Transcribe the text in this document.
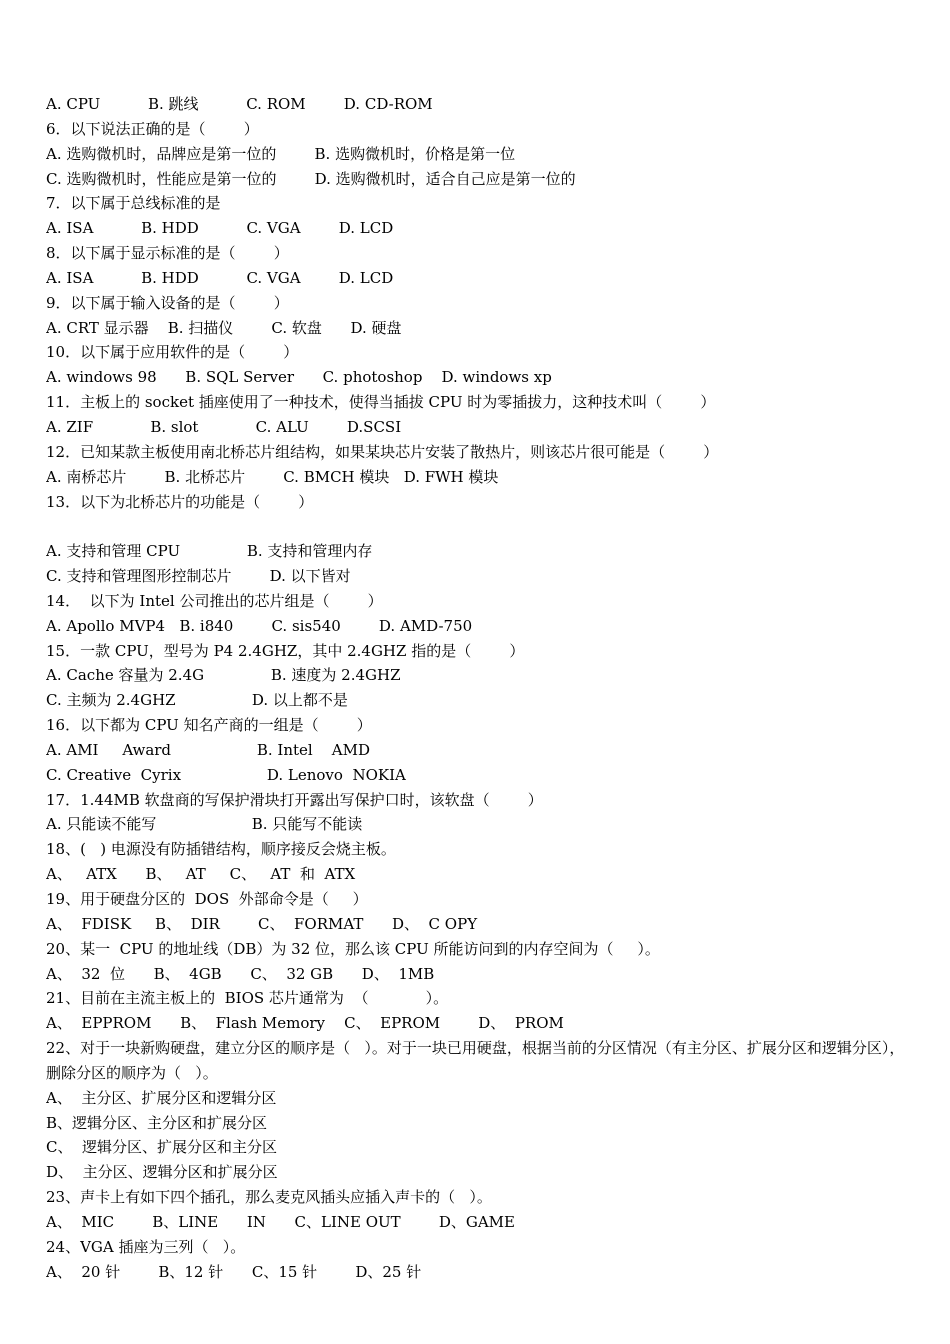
A. CPU          B. 跳线          C. ROM        D. CD-ROM
6．以下说法正确的是（        ）
A. 选购微机时，品牌应是第一位的        B. 选购微机时，价格是第一位
C. 选购微机时，性能应是第一位的        D. 选购微机时，适合自己应是第一位的
7．以下属于总线标准的是
A. ISA          B. HDD          C. VGA        D. LCD
8．以下属于显示标准的是（        ）
A. ISA          B. HDD          C. VGA        D. LCD
9．以下属于输入设备的是（        ）
A. CRT 显示器    B. 扫描仪        C. 软盘      D. 硬盘
10．以下属于应用软件的是（        ）
A. windows 98      B. SQL Server      C. photoshop    D. windows xp
11．主板上的 socket 插座使用了一种技术，使得当插拔 CPU 时为零插拔力，这种技术叫（        ）
A. ZIF            B. slot            C. ALU        D.SCSI
12．已知某款主板使用南北桥芯片组结构，如果某块芯片安装了散热片，则该芯片很可能是（        ）
A. 南桥芯片        B. 北桥芯片        C. BMCH 模块   D. FWH 模块
13．以下为北桥芯片的功能是（        ）
A. 支持和管理 CPU              B. 支持和管理内存
C. 支持和管理图形控制芯片        D. 以下皆对
14．  以下为 Intel 公司推出的芯片组是（        ）
A. Apollo MVP4   B. i840        C. sis540        D. AMD-750
15．一款 CPU，型号为 P4 2.4GHZ，其中 2.4GHZ 指的是（        ）
A. Cache 容量为 2.4G              B. 速度为 2.4GHZ
C. 主频为 2.4GHZ                D. 以上都不是
16．以下都为 CPU 知名产商的一组是（        ）
A. AMI     Award                  B. Intel    AMD
C. Creative  Cyrix                  D. Lenovo  NOKIA
17．1.44MB 软盘商的写保护滑块打开露出写保护口时，该软盘（        ）
A. 只能读不能写                    B. 只能写不能读
18、(   ) 电源没有防插错结构，顺序接反会烧主板。
A、   ATX      B、   AT     C、   AT  和  ATX
19、用于硬盘分区的  DOS  外部命令是（     ）
A、  FDISK     B、  DIR        C、  FORMAT      D、  C OPY
20、某一  CPU 的地址线（DB）为 32 位，那么该 CPU 所能访问到的内存空间为（     ）。
A、  32  位      B、  4GB      C、  32 GB      D、  1MB
21、目前在主流主板上的  BIOS 芯片通常为  （            ）。
A、  EPPROM      B、  Flash Memory    C、  EPROM        D、  PROM
22、对于一块新购硬盘，建立分区的顺序是（   ）。对于一块已用硬盘，根据当前的分区情况（有主分区、扩展分区和逻辑分区），删除分区的顺序为（   ）。
A、  主分区、扩展分区和逻辑分区
B、逻辑分区、主分区和扩展分区
C、  逻辑分区、扩展分区和主分区
D、  主分区、逻辑分区和扩展分区
23、声卡上有如下四个插孔，那么麦克风插头应插入声卡的（   ）。
A、  MIC        B、LINE      IN      C、LINE OUT        D、GAME
24、VGA 插座为三列（   ）。
A、  20 针        B、12 针      C、15 针        D、25 针
